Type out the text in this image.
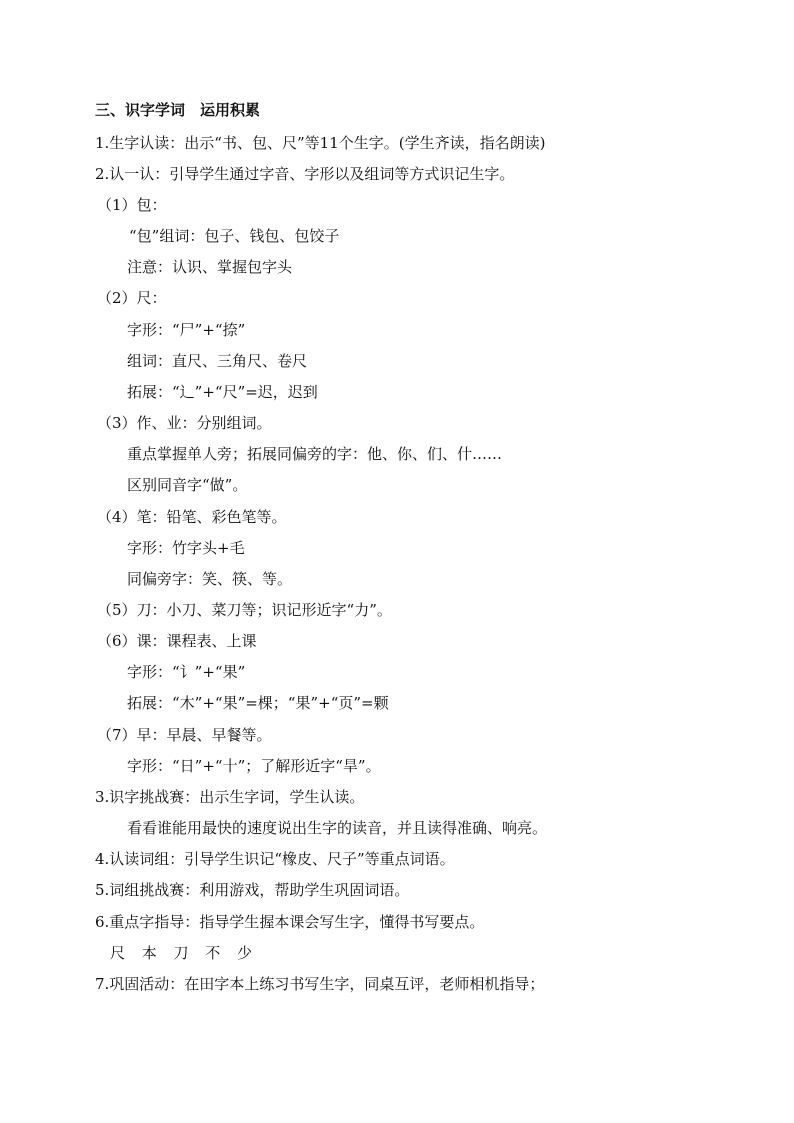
三、识字学词　运用积累
1.生字认读：出示“书、包、尺”等11个生字。(学生齐读，指名朗读)
2.认一认：引导学生通过字音、字形以及组词等方式识记生字。
（1）包：
“包”组词：包子、钱包、包饺子
注意：认识、掌握包字头
（2）尺：
字形：“尸”+“捺”
组词：直尺、三角尺、卷尺
拓展：“辶”+“尺”=迟，迟到
（3）作、业：分别组词。
重点掌握单人旁；拓展同偏旁的字：他、你、们、什……
区别同音字“做”。
（4）笔：铅笔、彩色笔等。
字形：竹字头+毛
同偏旁字：笑、筷、等。
（5）刀：小刀、菜刀等；识记形近字“力”。
（6）课：课程表、上课
字形：“讠”+“果”
拓展：“木”+“果”=棵；“果”+“页”=颗
（7）早：早晨、早餐等。
字形：“日”+“十”；了解形近字“旱”。
3.识字挑战赛：出示生字词，学生认读。
看看谁能用最快的速度说出生字的读音，并且读得准确、响亮。
4.认读词组：引导学生识记“橡皮、尺子”等重点词语。
5.词组挑战赛：利用游戏，帮助学生巩固词语。
6.重点字指导：指导学生握本课会写生字，懂得书写要点。
尺 本 刀 不 少
7.巩固活动：在田字本上练习书写生字，同桌互评，老师相机指导；
